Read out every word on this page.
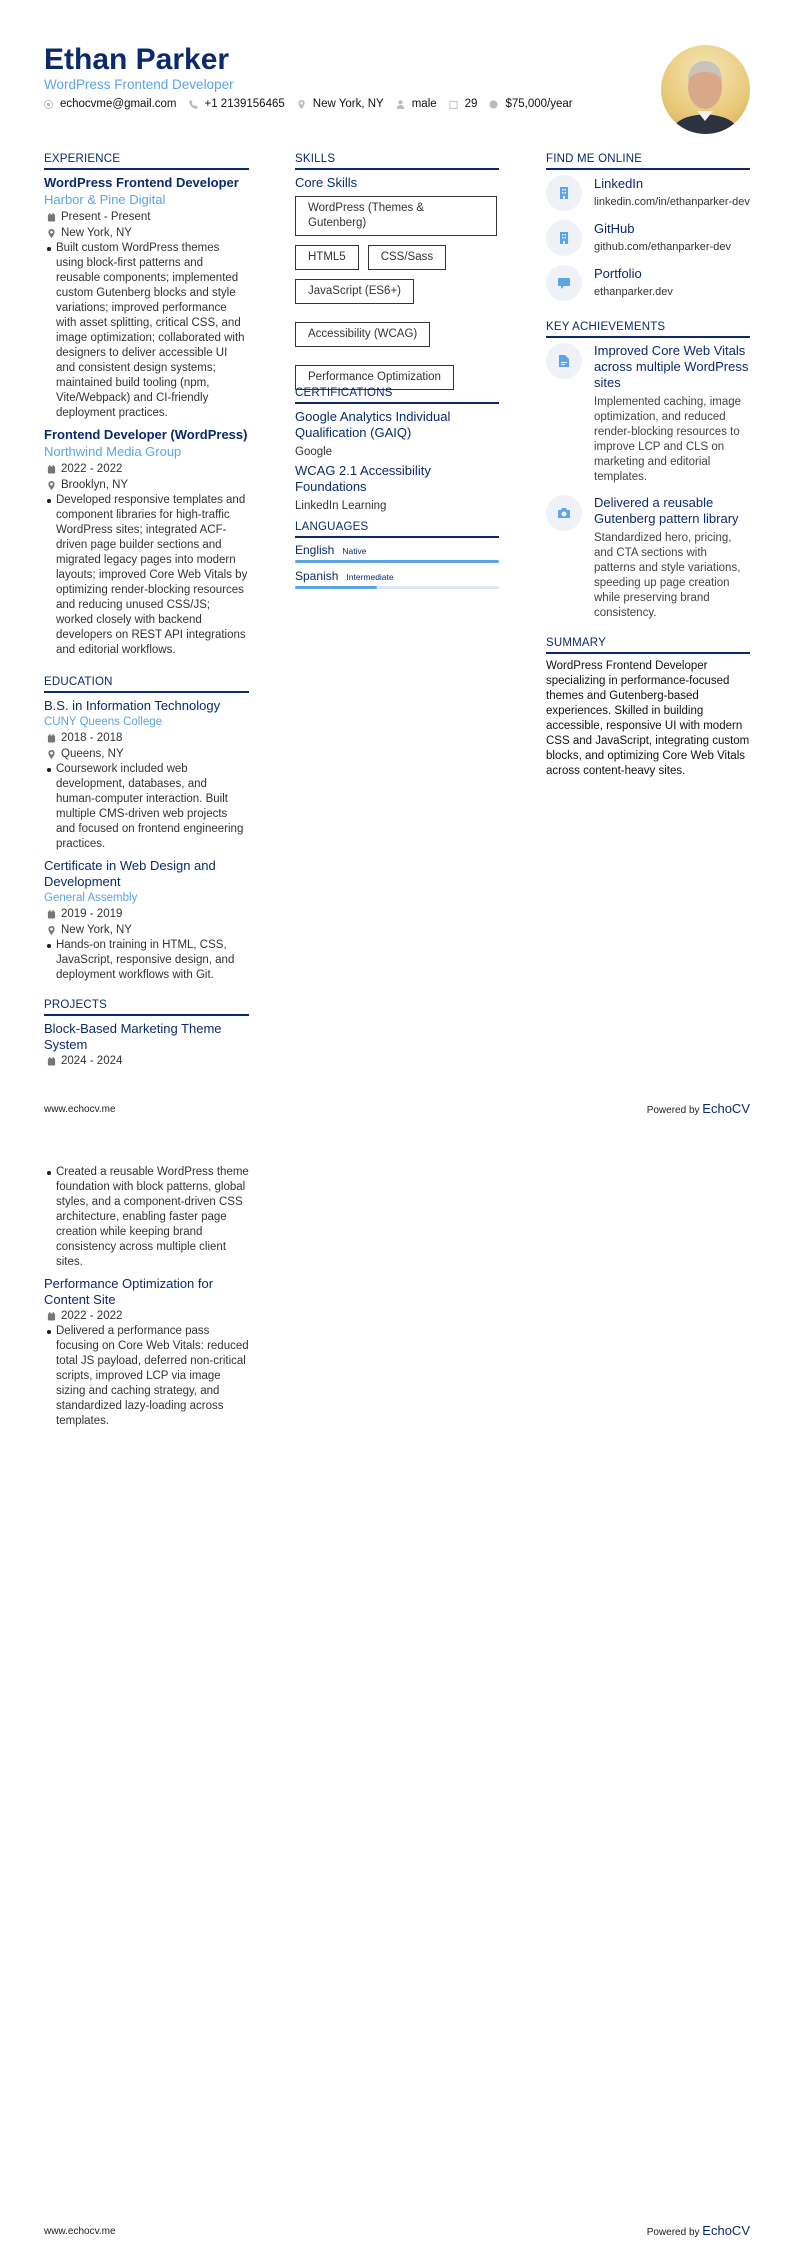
Ethan Parker
WordPress Frontend Developer
echocvme@gmail.com +1 2139156465 New York, NY male 29 $75,000/year
EXPERIENCE
WordPress Frontend Developer
Harbor & Pine Digital
Present - Present
New York, NY
Built custom WordPress themes using block-first patterns and reusable components; implemented custom Gutenberg blocks and style variations; improved performance with asset splitting, critical CSS, and image optimization; collaborated with designers to deliver accessible UI and consistent design systems; maintained build tooling (npm, Vite/Webpack) and CI-friendly deployment practices.
Frontend Developer (WordPress)
Northwind Media Group
2022 - 2022
Brooklyn, NY
Developed responsive templates and component libraries for high-traffic WordPress sites; integrated ACF-driven page builder sections and migrated legacy pages into modern layouts; improved Core Web Vitals by optimizing render-blocking resources and reducing unused CSS/JS; worked closely with backend developers on REST API integrations and editorial workflows.
EDUCATION
B.S. in Information Technology
CUNY Queens College
2018 - 2018
Queens, NY
Coursework included web development, databases, and human-computer interaction. Built multiple CMS-driven web projects and focused on frontend engineering practices.
Certificate in Web Design and Development
General Assembly
2019 - 2019
New York, NY
Hands-on training in HTML, CSS, JavaScript, responsive design, and deployment workflows with Git.
PROJECTS
Block-Based Marketing Theme System
2024 - 2024
www.echocv.me	Powered by EchoCV
Created a reusable WordPress theme foundation with block patterns, global styles, and a component-driven CSS architecture, enabling faster page creation while keeping brand consistency across multiple client sites.
Performance Optimization for Content Site
2022 - 2022
Delivered a performance pass focusing on Core Web Vitals: reduced total JS payload, deferred non-critical scripts, improved LCP via image sizing and caching strategy, and standardized lazy-loading across templates.
www.echocv.me	Powered by EchoCV
SKILLS
Core Skills
WordPress (Themes & Gutenberg)
HTML5	CSS/Sass
JavaScript (ES6+)
Accessibility (WCAG)
Performance Optimization
CERTIFICATIONS
Google Analytics Individual Qualification (GAIQ)
Google
WCAG 2.1 Accessibility Foundations
LinkedIn Learning
LANGUAGES
English Native
Spanish Intermediate
FIND ME ONLINE
LinkedIn
linkedin.com/in/ethanparker-dev
GitHub
github.com/ethanparker-dev
Portfolio
ethanparker.dev
KEY ACHIEVEMENTS
Improved Core Web Vitals across multiple WordPress sites
Implemented caching, image optimization, and reduced render-blocking resources to improve LCP and CLS on marketing and editorial templates.
Delivered a reusable Gutenberg pattern library
Standardized hero, pricing, and CTA sections with patterns and style variations, speeding up page creation while preserving brand consistency.
SUMMARY
WordPress Frontend Developer specializing in performance-focused themes and Gutenberg-based experiences. Skilled in building accessible, responsive UI with modern CSS and JavaScript, integrating custom blocks, and optimizing Core Web Vitals across content-heavy sites.
